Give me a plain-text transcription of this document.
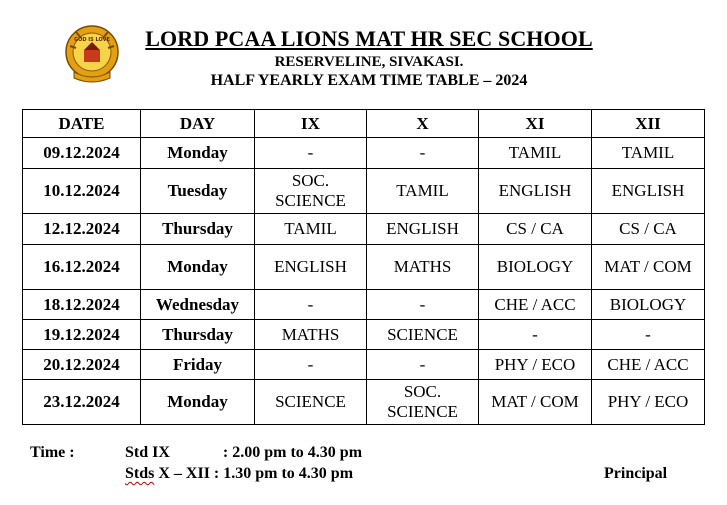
GOD IS LOVE	LORD PCAA LIONS MAT HR SEC SCHOOL
RESERVELINE, SIVAKASI.
HALF YEARLY EXAM TIME TABLE – 2024
DATE	DAY	IX	X	XI	XII
09.12.2024	Monday	-	-	TAMIL	TAMIL
10.12.2024	Tuesday	SOC. SCIENCE	TAMIL	ENGLISH	ENGLISH
12.12.2024	Thursday	TAMIL	ENGLISH	CS / CA	CS / CA
16.12.2024	Monday	ENGLISH	MATHS	BIOLOGY	MAT / COM
18.12.2024	Wednesday	-	-	CHE / ACC	BIOLOGY
19.12.2024	Thursday	MATHS	SCIENCE	-	-
20.12.2024	Friday	-	-	PHY / ECO	CHE / ACC
23.12.2024	Monday	SCIENCE	SOC. SCIENCE	MAT / COM	PHY / ECO
Time :	Std IX	: 2.00 pm to 4.30 pm
Stds X – XII : 1.30 pm to 4.30 pm	Principal
